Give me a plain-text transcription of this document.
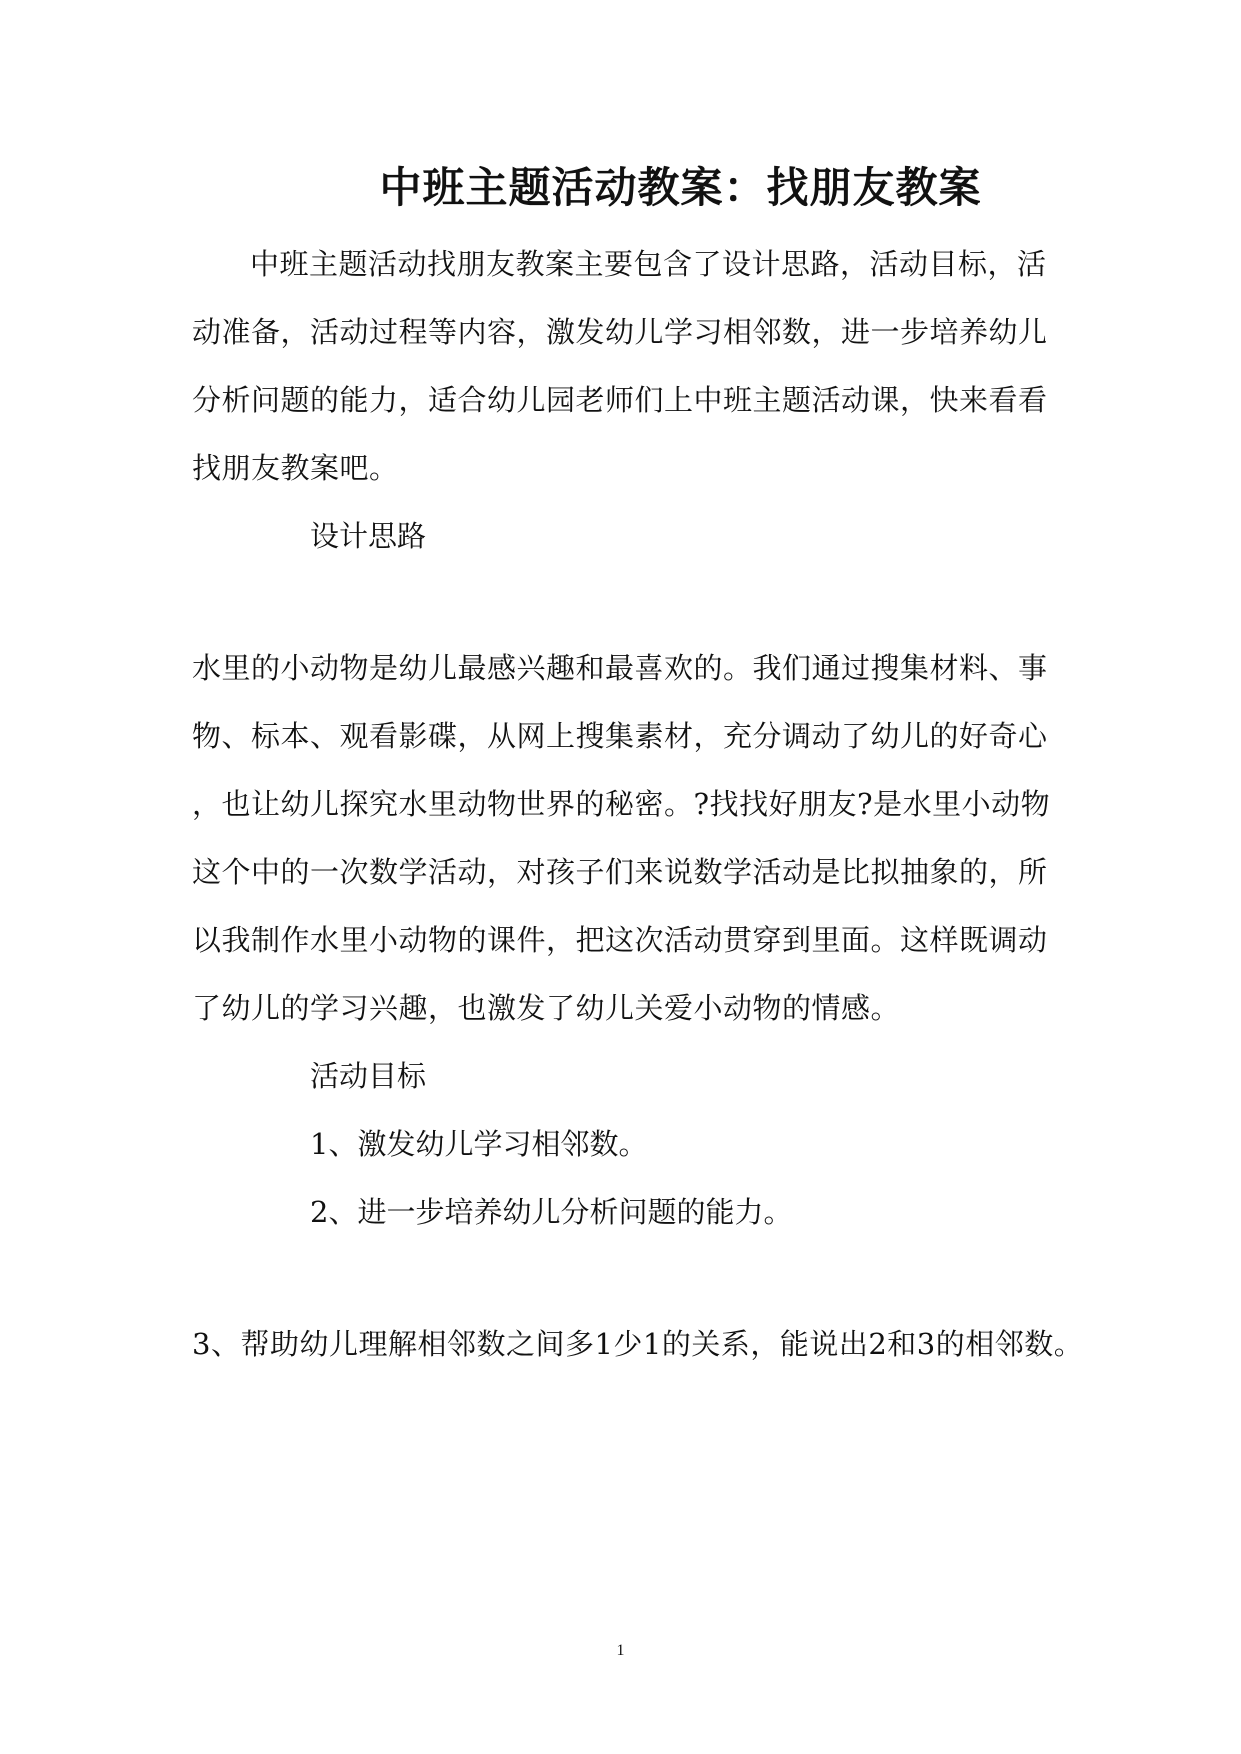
中班主题活动教案：找朋友教案
中班主题活动找朋友教案主要包含了设计思路，活动目标，活
动准备，活动过程等内容，激发幼儿学习相邻数，进一步培养幼儿
分析问题的能力，适合幼儿园老师们上中班主题活动课，快来看看
找朋友教案吧。
设计思路
水里的小动物是幼儿最感兴趣和最喜欢的。我们通过搜集材料、事
物、标本、观看影碟，从网上搜集素材，充分调动了幼儿的好奇心
，也让幼儿探究水里动物世界的秘密。?找找好朋友?是水里小动物
这个中的一次数学活动，对孩子们来说数学活动是比拟抽象的，所
以我制作水里小动物的课件，把这次活动贯穿到里面。这样既调动
了幼儿的学习兴趣，也激发了幼儿关爱小动物的情感。
活动目标
1、激发幼儿学习相邻数。
2、进一步培养幼儿分析问题的能力。
3、帮助幼儿理解相邻数之间多1少1的关系，能说出2和3的相邻数。
1
